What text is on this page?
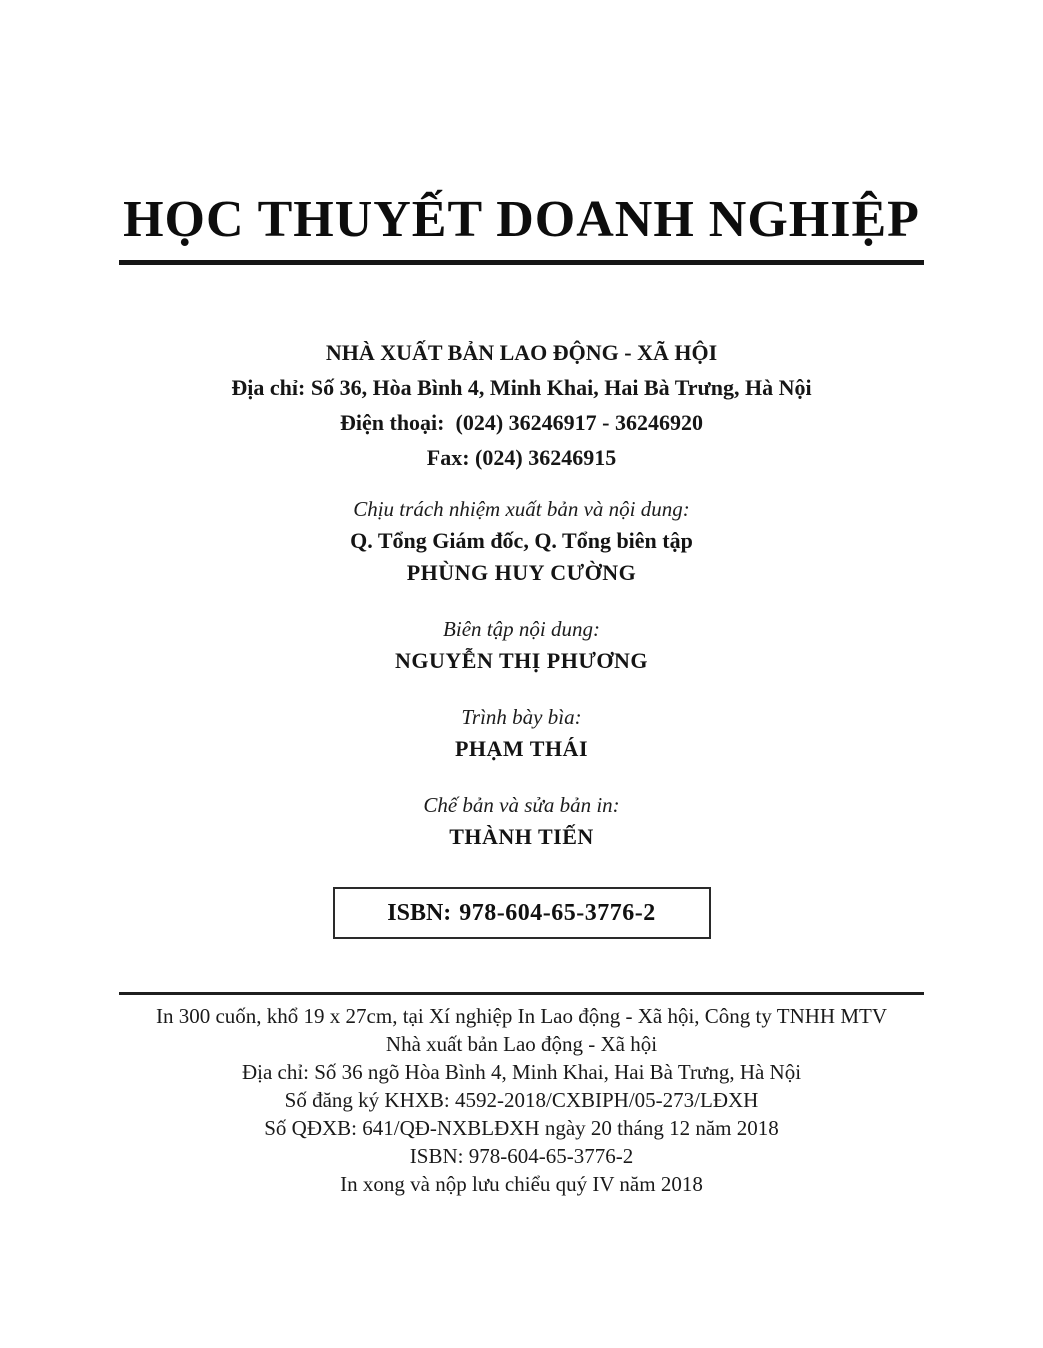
HỌC THUYẾT DOANH NGHIỆP
NHÀ XUẤT BẢN LAO ĐỘNG - XÃ HỘI
Địa chỉ: Số 36, Hòa Bình 4, Minh Khai, Hai Bà Trưng, Hà Nội
Điện thoại:  (024) 36246917 - 36246920
Fax: (024) 36246915
Chịu trách nhiệm xuất bản và nội dung:
Q. Tổng Giám đốc, Q. Tổng biên tập
PHÙNG HUY CƯỜNG
Biên tập nội dung:
NGUYỄN THỊ PHƯƠNG
Trình bày bìa:
PHẠM THÁI
Chế bản và sửa bản in:
THÀNH TIẾN
ISBN: 978-604-65-3776-2
In 300 cuốn, khổ 19 x 27cm, tại Xí nghiệp In Lao động - Xã hội, Công ty TNHH MTV
Nhà xuất bản Lao động - Xã hội
Địa chỉ: Số 36 ngõ Hòa Bình 4, Minh Khai, Hai Bà Trưng, Hà Nội
Số đăng ký KHXB: 4592-2018/CXBIPH/05-273/LĐXH
Số QĐXB: 641/QĐ-NXBLĐXH ngày 20 tháng 12 năm 2018
ISBN: 978-604-65-3776-2
In xong và nộp lưu chiểu quý IV năm 2018
